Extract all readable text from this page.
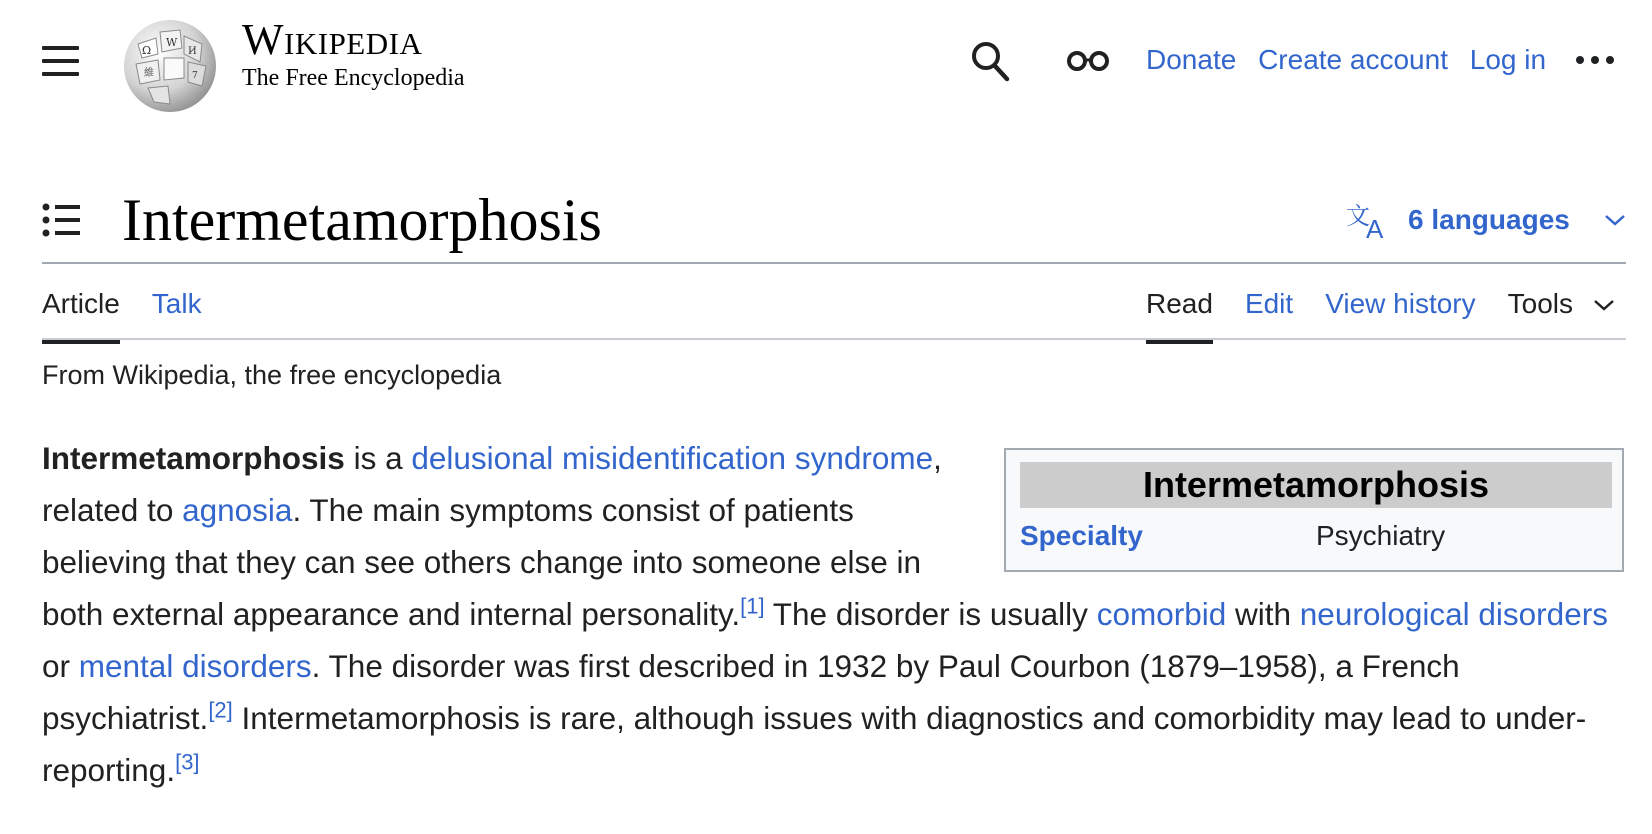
Ω
W
И
維	7
Wikipedia
The Free Encyclopedia
Donate Create account Log in
Intermetamorphosis	文
A 6 languages
Article Talk	Read Edit View history Tools
From Wikipedia, the free encyclopedia
Intermetamorphosis
Specialty	Psychiatry

Intermetamorphosis is a delusional misidentification syndrome, related to agnosia. The main symptoms consist of patients believing that they can see others change into someone else in both external appearance and internal personality.[1] The disorder is usually comorbid with neurological disorders or mental disorders. The disorder was first described in 1932 by Paul Courbon (1879–1958), a French psychiatrist.[2] Intermetamorphosis is rare, although issues with diagnostics and comorbidity may lead to under-reporting.[3]
